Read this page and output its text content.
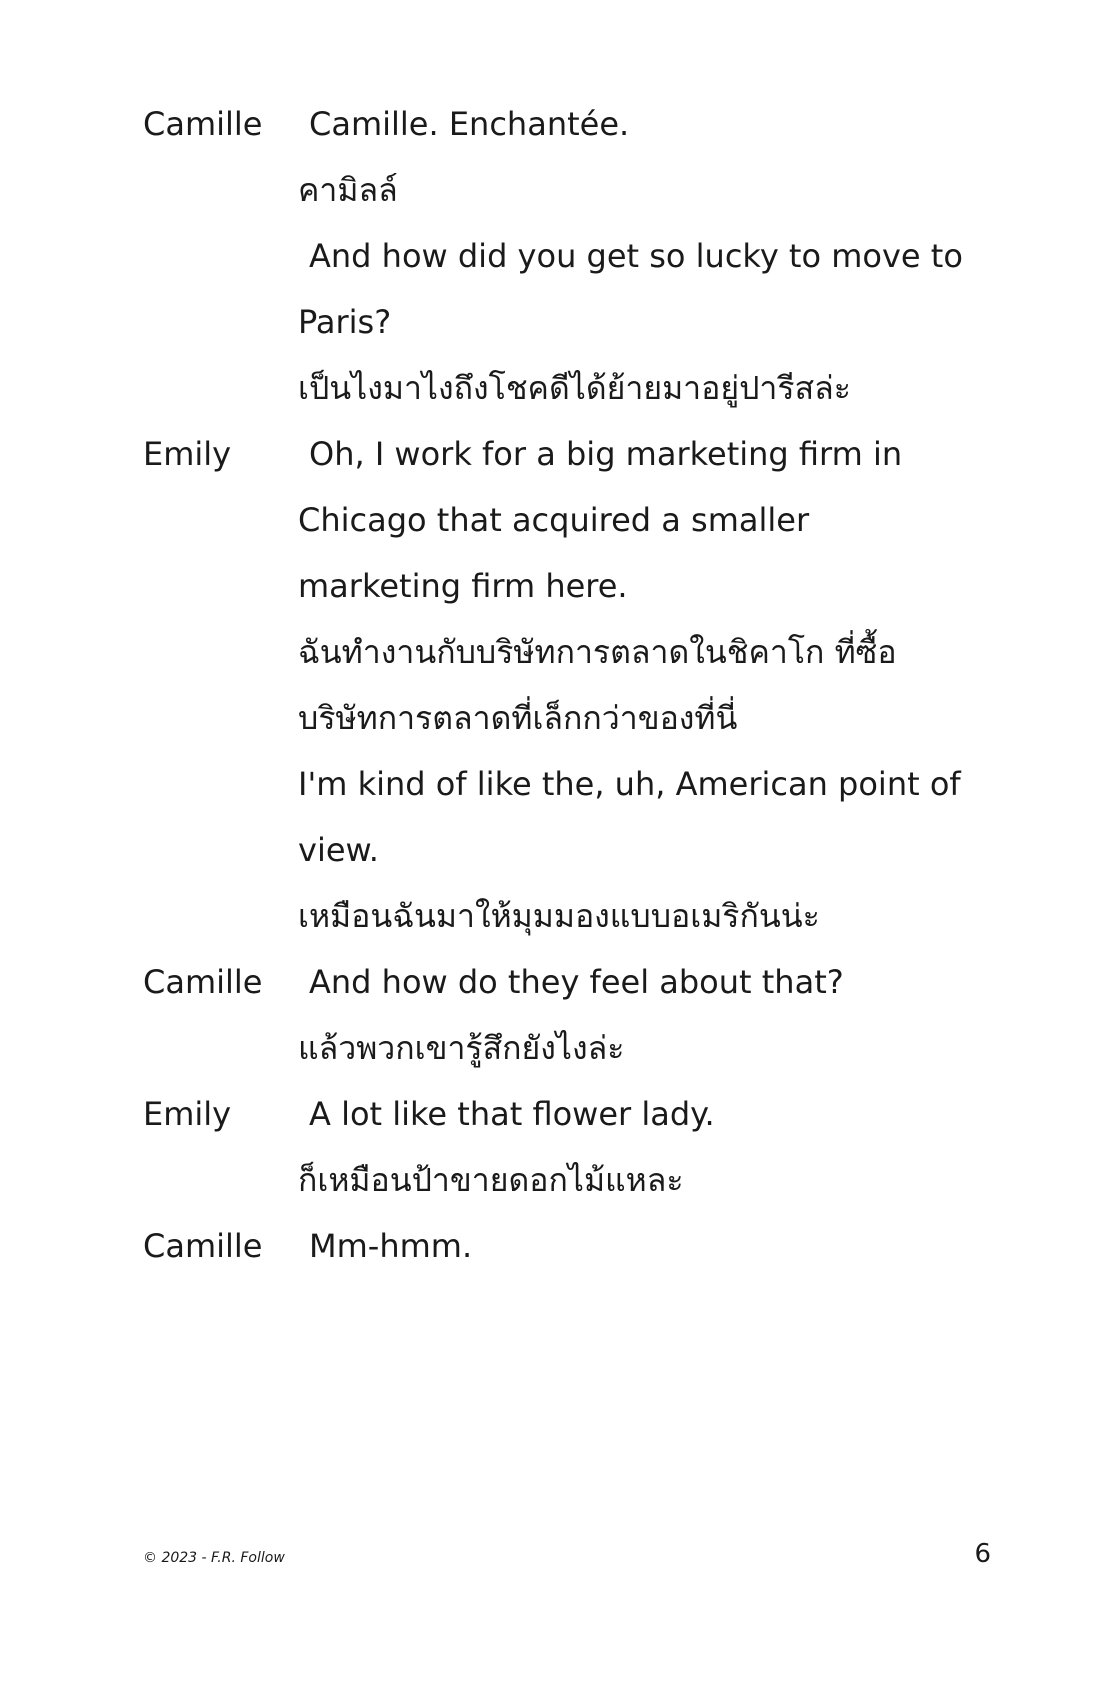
Camille Camille. Enchantée.
คามิลล์
And how did you get so lucky to move to
Paris?
เป็นไงมาไงถึงโชคดีได้ย้ายมาอยู่ปารีสล่ะ
Emily Oh, I work for a big marketing firm in
Chicago that acquired a smaller
marketing firm here.
ฉันทำงานกับบริษัทการตลาดในชิคาโก ที่ซื้อ
บริษัทการตลาดที่เล็กกว่าของที่นี่
I'm kind of like the, uh, American point of
view.
เหมือนฉันมาให้มุมมองแบบอเมริกันน่ะ
Camille And how do they feel about that?
แล้วพวกเขารู้สึกยังไงล่ะ
Emily A lot like that flower lady.
ก็เหมือนป้าขายดอกไม้แหละ
Camille Mm-hmm.
© 2023 - F.R. Follow	6
